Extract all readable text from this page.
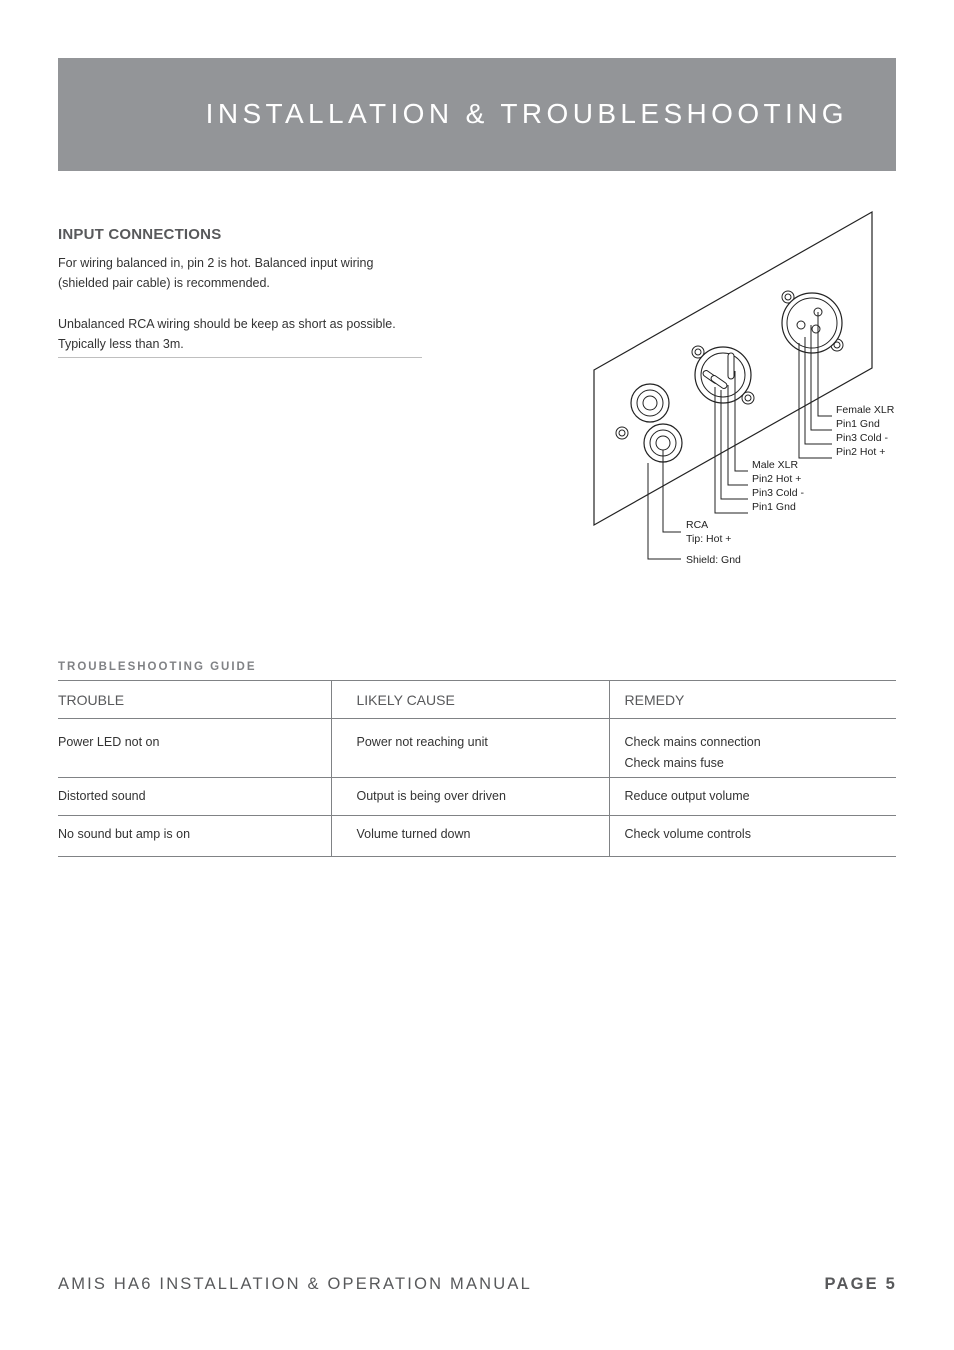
INSTALLATION & TROUBLESHOOTING
INPUT CONNECTIONS

For wiring balanced in, pin 2 is hot. Balanced input wiring (shielded pair cable) is recommended.

Unbalanced RCA wiring should be keep as short as possible. Typically less than 3m.

Female XLR
Pin1 Gnd
Pin3 Cold -
Pin2 Hot +
Male XLR
Pin2 Hot +
Pin3 Cold -
Pin1 Gnd
RCA
Tip: Hot +
Shield: Gnd
TROUBLESHOOTING GUIDE
TROUBLE	LIKELY CAUSE	REMEDY
Power LED not on	Power not reaching unit	Check mains connection
Check mains fuse

Distorted sound	Output is being over driven	Reduce output volume

No sound but amp is on	Volume turned down	Check volume controls
AMIS HA6 INSTALLATION & OPERATION MANUAL	PAGE 5
